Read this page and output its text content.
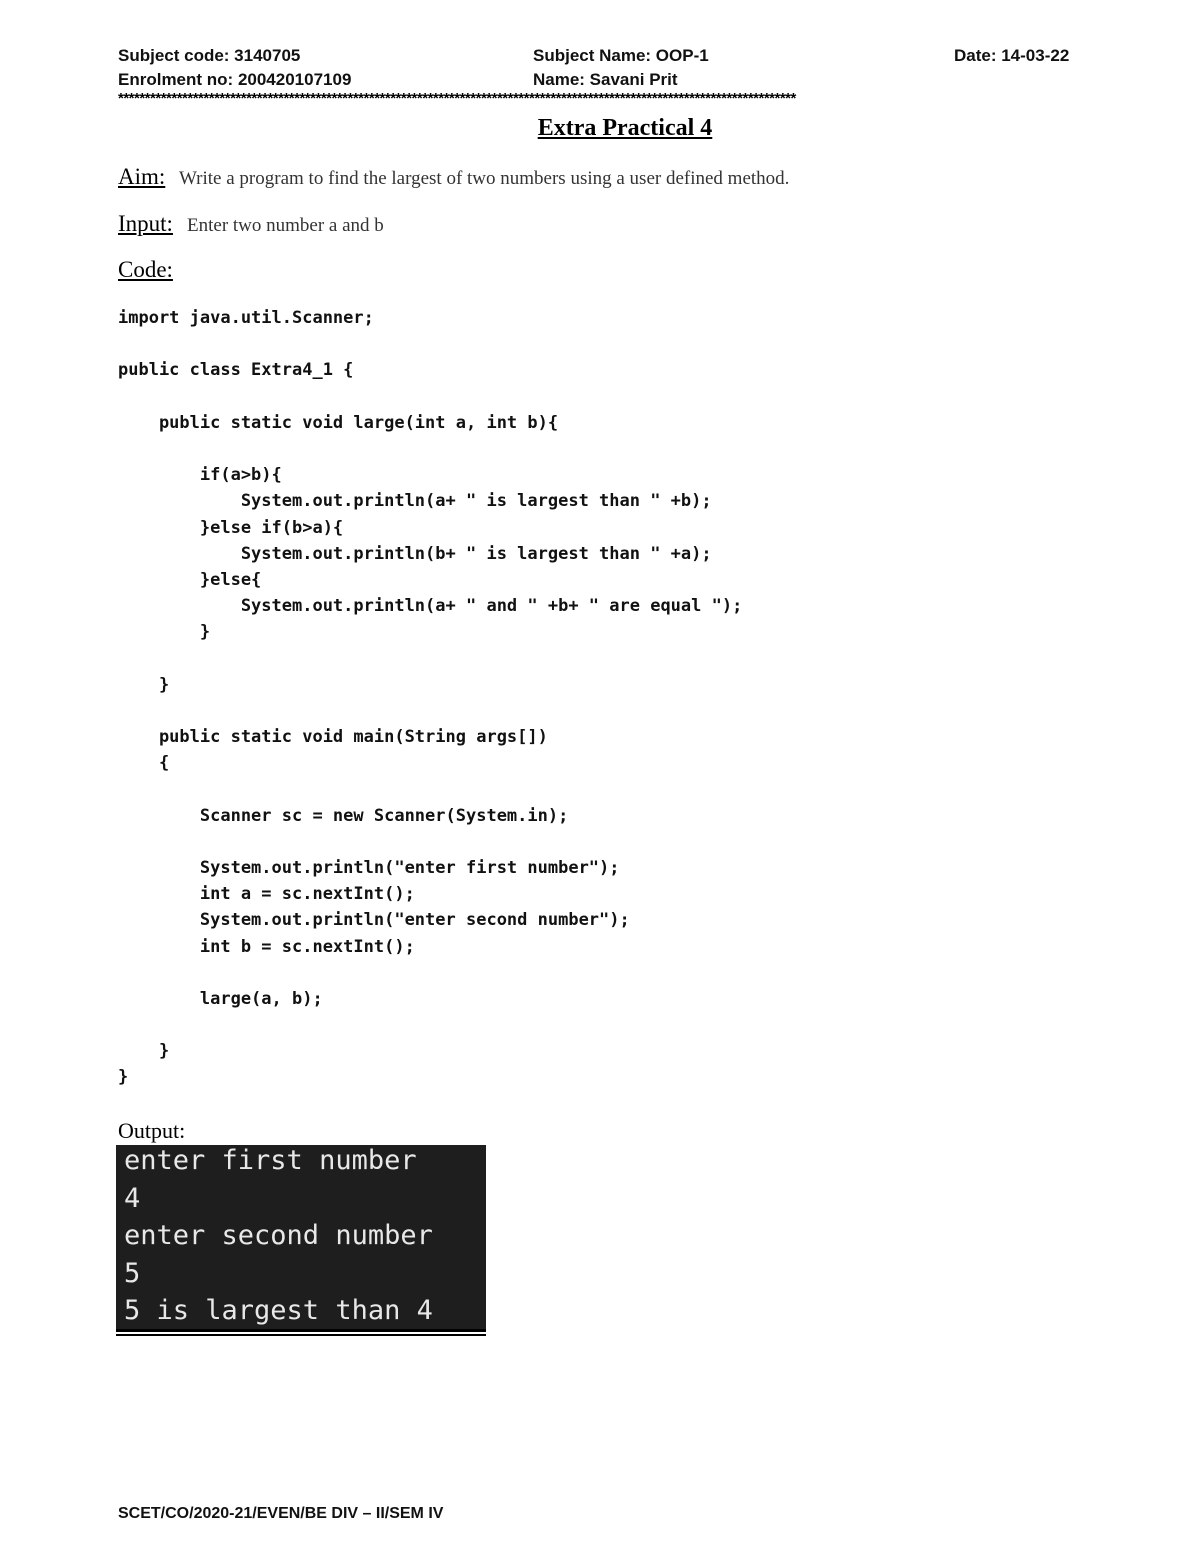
Subject code: 3140705	Subject Name: OOP-1	Date: 14-03-22
Enrolment no: 200420107109	Name: Savani Prit
*******************************************************************************************************************************
Extra Practical 4
Aim: Write a program to find the largest of two numbers using a user defined method.
Input: Enter two number a and b
Code:
import java.util.Scanner;
public class Extra4_1 {
public static void large(int a, int b){
if(a>b){
System.out.println(a+ " is largest than " +b);
}else if(b>a){
System.out.println(b+ " is largest than " +a);
}else{
System.out.println(a+ " and " +b+ " are equal ");
}
}
public static void main(String args[])
{
Scanner sc = new Scanner(System.in);
System.out.println("enter first number");
int a = sc.nextInt();
System.out.println("enter second number");
int b = sc.nextInt();
large(a, b);
}
}
Output:
enter first number
4
enter second number
5
5 is largest than 4
SCET/CO/2020-21/EVEN/BE DIV – II/SEM IV
